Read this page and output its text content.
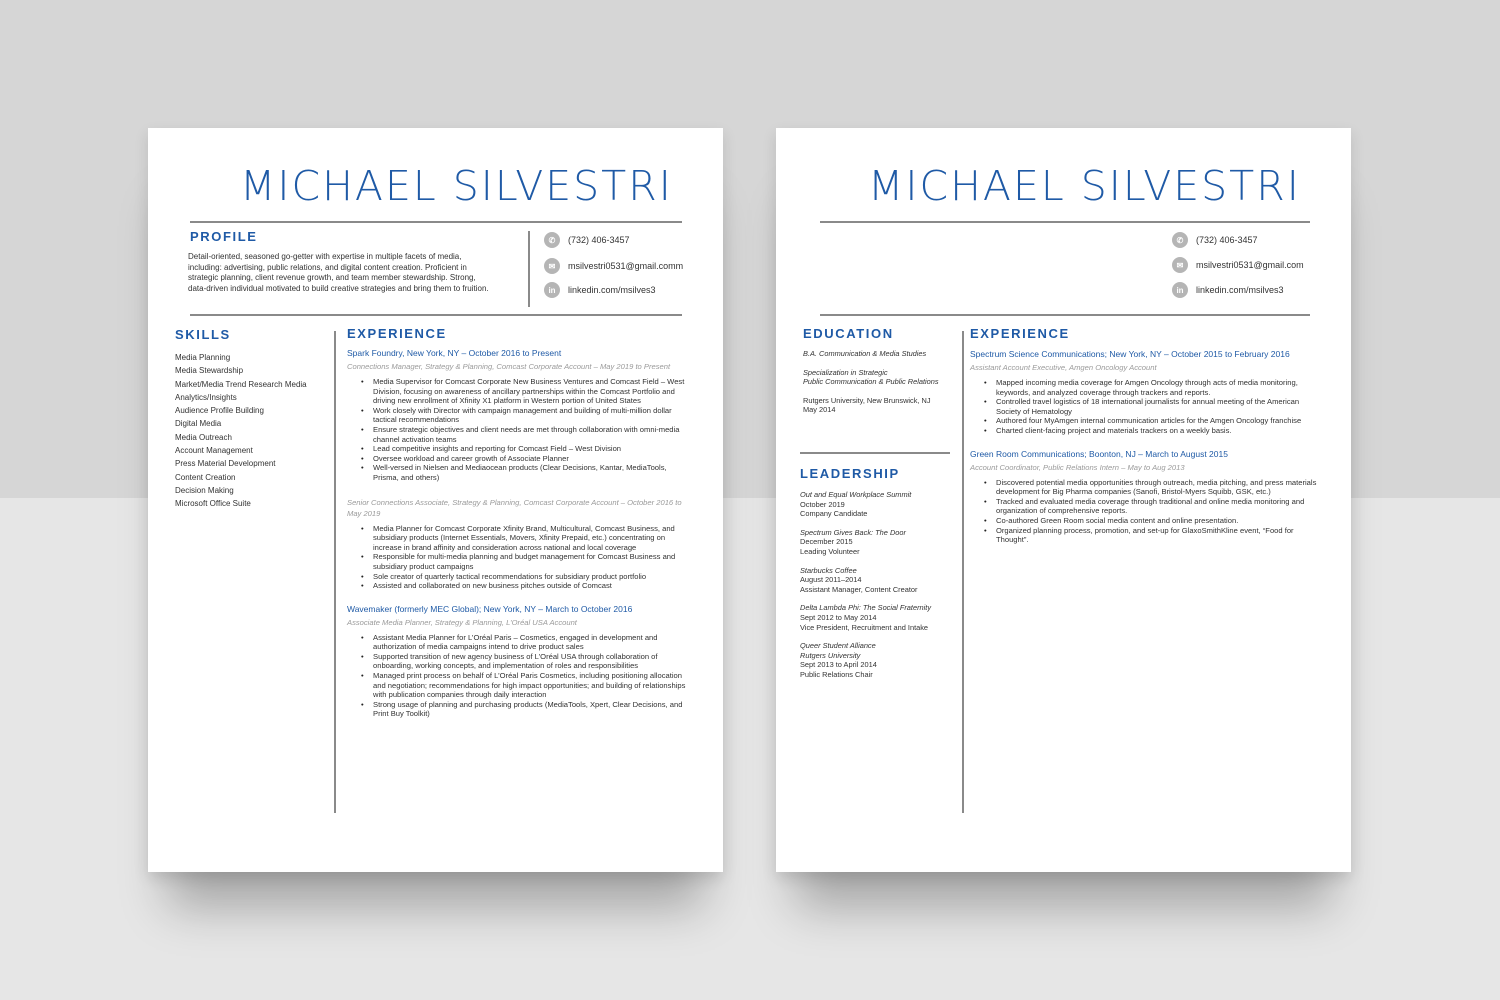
MICHAEL SILVESTRI
PROFILE
Detail-oriented, seasoned go-getter with expertise in multiple facets of media, including: advertising, public relations, and digital content creation. Proficient in strategic planning, client revenue growth, and team member stewardship. Strong, data-driven individual motivated to build creative strategies and bring them to fruition.
✆	(732) 406-3457
✉	msilvestri0531@gmail.comm
in	linkedin.com/msilves3
SKILLS
Media Planning
Media Stewardship
Market/Media Trend Research Media
Analytics/Insights
Audience Profile Building
Digital Media
Media Outreach
Account Management
Press Material Development
Content Creation
Decision Making
Microsoft Office Suite
EXPERIENCE
Spark Foundry, New York, NY – October 2016 to Present
Connections Manager, Strategy & Planning, Comcast Corporate Account – May 2019 to Present
• Media Supervisor for Comcast Corporate New Business Ventures and Comcast Field – West Division, focusing on awareness of ancillary partnerships within the Comcast Portfolio and driving new enrollment of Xfinity X1 platform in Western portion of United States
• Work closely with Director with campaign management and building of multi-million dollar tactical recommendations
• Ensure strategic objectives and client needs are met through collaboration with omni-media channel activation teams
• Lead competitive insights and reporting for Comcast Field – West Division
• Oversee workload and career growth of Associate Planner
• Well-versed in Nielsen and Mediaocean products (Clear Decisions, Kantar, MediaTools, Prisma, and others)
Senior Connections Associate, Strategy & Planning, Comcast Corporate Account – October 2016 to May 2019
• Media Planner for Comcast Corporate Xfinity Brand, Multicultural, Comcast Business, and subsidiary products (Internet Essentials, Movers, Xfinity Prepaid, etc.) concentrating on increase in brand affinity and consideration across national and local coverage
• Responsible for multi-media planning and budget management for Comcast Business and subsidiary product campaigns
• Sole creator of quarterly tactical recommendations for subsidiary product portfolio
• Assisted and collaborated on new business pitches outside of Comcast
Wavemaker (formerly MEC Global); New York, NY – March to October 2016
Associate Media Planner, Strategy & Planning, L’Oréal USA Account
• Assistant Media Planner for L’Oréal Paris – Cosmetics, engaged in development and authorization of media campaigns intend to drive product sales
• Supported transition of new agency business of L’Oréal USA through collaboration of onboarding, working concepts, and implementation of roles and responsibilities
• Managed print process on behalf of L’Oréal Paris Cosmetics, including positioning allocation and negotiation; recommendations for high impact opportunities; and building of relationships with publication companies through daily interaction
• Strong usage of planning and purchasing products (MediaTools, Xpert, Clear Decisions, and Print Buy Toolkit)
MICHAEL SILVESTRI
✆	(732) 406-3457
✉	msilvestri0531@gmail.com
in	linkedin.com/msilves3
EDUCATION
B.A. Communication & Media Studies
Specialization in Strategic
Public Communication & Public Relations
Rutgers University, New Brunswick, NJ
May 2014
LEADERSHIP
Out and Equal Workplace Summit
October 2019
Company Candidate
Spectrum Gives Back: The Door
December 2015
Leading Volunteer
Starbucks Coffee
August 2011–2014
Assistant Manager, Content Creator
Delta Lambda Phi: The Social Fraternity
Sept 2012 to May 2014
Vice President, Recruitment and Intake
Queer Student Alliance
Rutgers University
Sept 2013 to April 2014
Public Relations Chair
EXPERIENCE
Spectrum Science Communications; New York, NY – October 2015 to February 2016
Assistant Account Executive, Amgen Oncology Account
• Mapped incoming media coverage for Amgen Oncology through acts of media monitoring, keywords, and analyzed coverage through trackers and reports.
• Controlled travel logistics of 18 international journalists for annual meeting of the American Society of Hematology
• Authored four MyAmgen internal communication articles for the Amgen Oncology franchise
• Charted client-facing project and materials trackers on a weekly basis.
Green Room Communications; Boonton, NJ – March to August 2015
Account Coordinator, Public Relations Intern – May to Aug 2013
• Discovered potential media opportunities through outreach, media pitching, and press materials development for Big Pharma companies (Sanofi, Bristol-Myers Squibb, GSK, etc.)
• Tracked and evaluated media coverage through traditional and online media monitoring and organization of comprehensive reports.
• Co-authored Green Room social media content and online presentation.
• Organized planning process, promotion, and set-up for GlaxoSmithKline event, “Food for Thought”.
